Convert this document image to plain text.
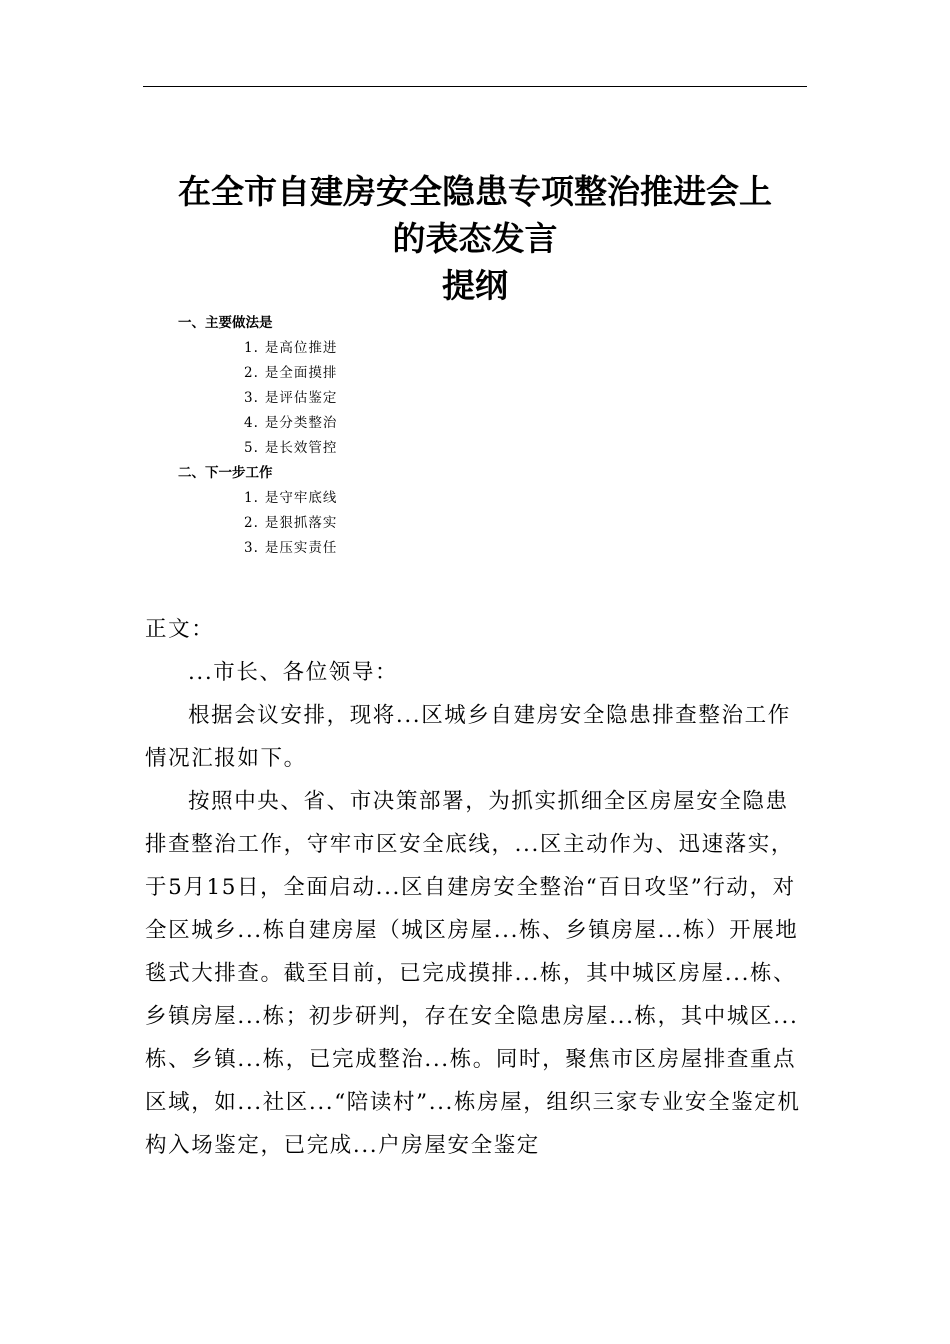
在全市自建房安全隐患专项整治推进会上
的表态发言
提纲
一、主要做法是
1. 是高位推进
2. 是全面摸排
3. 是评估鉴定
4. 是分类整治
5. 是长效管控
二、下一步工作
1. 是守牢底线
2. 是狠抓落实
3. 是压实责任

正文：

...市长、各位领导：

根据会议安排，现将...区城乡自建房安全隐患排查整治工作情况汇报如下。

按照中央、省、市决策部署，为抓实抓细全区房屋安全隐患排查整治工作，守牢市区安全底线，...区主动作为、迅速落实，于5月15日，全面启动...区自建房安全整治“百日攻坚”行动，对全区城乡...栋自建房屋（城区房屋...栋、乡镇房屋...栋）开展地毯式大排查。截至目前，已完成摸排...栋，其中城区房屋...栋、乡镇房屋...栋；初步研判，存在安全隐患房屋...栋，其中城区...栋、乡镇...栋，已完成整治...栋。同时，聚焦市区房屋排查重点区域，如...社区...“陪读村”...栋房屋，组织三家专业安全鉴定机构入场鉴定，已完成...户房屋安全鉴定
